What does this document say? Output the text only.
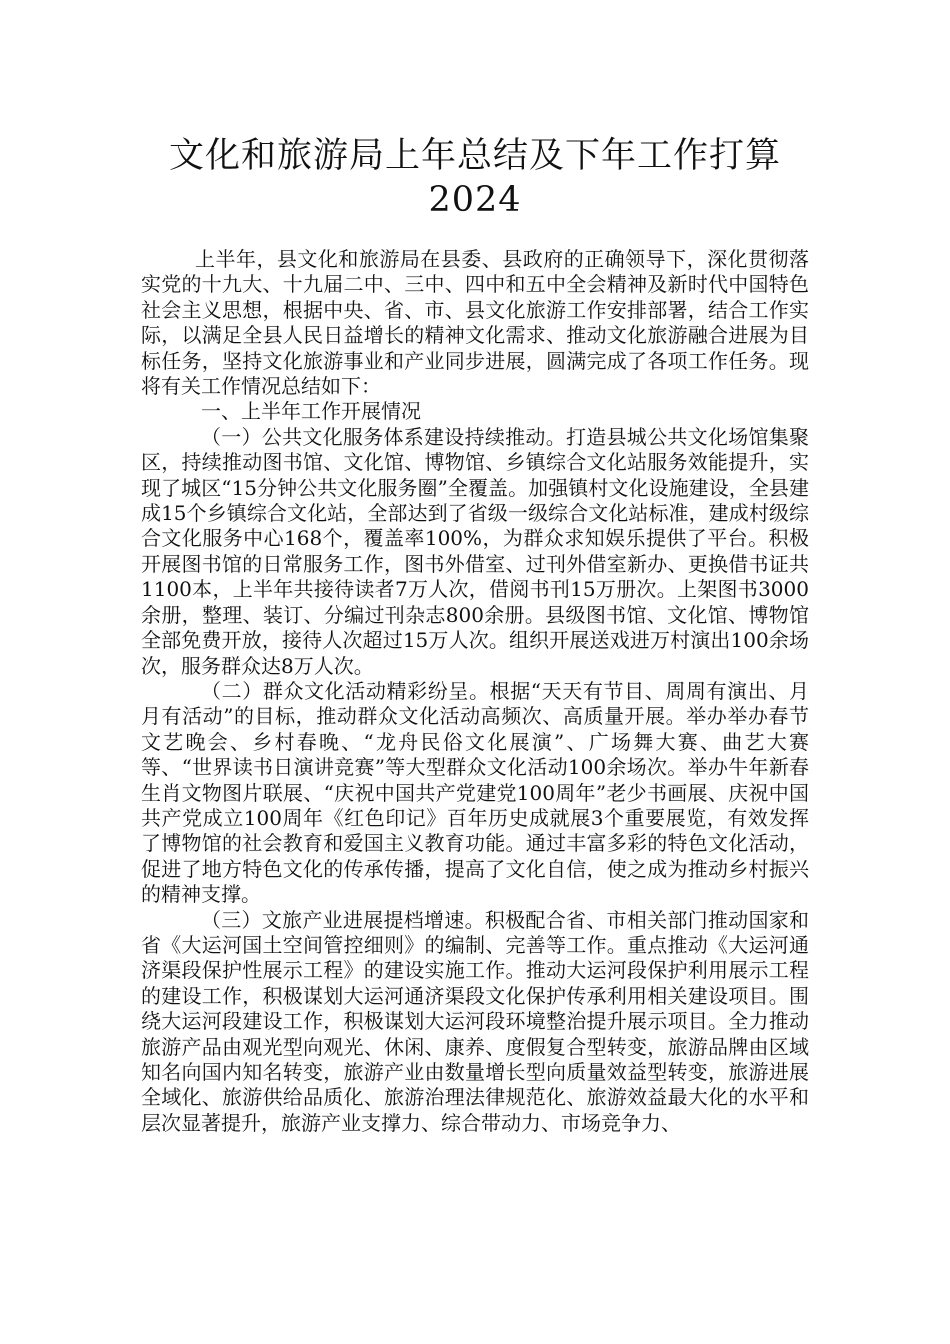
文化和旅游局上年总结及下年工作打算
2024

上半年，县文化和旅游局在县委、县政府的正确领导下，深化贯彻落实党的十九大、十九届二中、三中、四中和五中全会精神及新时代中国特色社会主义思想，根据中央、省、市、县文化旅游工作安排部署，结合工作实际，以满足全县人民日益增长的精神文化需求、推动文化旅游融合进展为目标任务，坚持文化旅游事业和产业同步进展，圆满完成了各项工作任务。现将有关工作情况总结如下：

一、上半年工作开展情况

（一）公共文化服务体系建设持续推动。打造县城公共文化场馆集聚区，持续推动图书馆、文化馆、博物馆、乡镇综合文化站服务效能提升，实现了城区“15分钟公共文化服务圈”全覆盖。加强镇村文化设施建设，全县建成15个乡镇综合文化站，全部达到了省级一级综合文化站标准，建成村级综合文化服务中心168个，覆盖率100%，为群众求知娱乐提供了平台。积极开展图书馆的日常服务工作，图书外借室、过刊外借室新办、更换借书证共1100本，上半年共接待读者7万人次，借阅书刊15万册次。上架图书3000余册，整理、装订、分编过刊杂志800余册。县级图书馆、文化馆、博物馆全部免费开放，接待人次超过15万人次。组织开展送戏进万村演出100余场次，服务群众达8万人次。

（二）群众文化活动精彩纷呈。根据“天天有节目、周周有演出、月月有活动”的目标，推动群众文化活动高频次、高质量开展。举办举办春节文艺晚会、乡村春晚、“龙舟民俗文化展演”、广场舞大赛、曲艺大赛等、“世界读书日演讲竞赛”等大型群众文化活动100余场次。举办牛年新春生肖文物图片联展、“庆祝中国共产党建党100周年”老少书画展、庆祝中国共产党成立100周年《红色印记》百年历史成就展3个重要展览，有效发挥了博物馆的社会教育和爱国主义教育功能。通过丰富多彩的特色文化活动，促进了地方特色文化的传承传播，提高了文化自信，使之成为推动乡村振兴的精神支撑。

（三）文旅产业进展提档增速。积极配合省、市相关部门推动国家和省《大运河国土空间管控细则》的编制、完善等工作。重点推动《大运河通济渠段保护性展示工程》的建设实施工作。推动大运河段保护利用展示工程的建设工作，积极谋划大运河通济渠段文化保护传承利用相关建设项目。围绕大运河段建设工作，积极谋划大运河段环境整治提升展示项目。全力推动旅游产品由观光型向观光、休闲、康养、度假复合型转变，旅游品牌由区域知名向国内知名转变，旅游产业由数量增长型向质量效益型转变，旅游进展全域化、旅游供给品质化、旅游治理法律规范化、旅游效益最大化的水平和层次显著提升，旅游产业支撑力、综合带动力、市场竞争力、
